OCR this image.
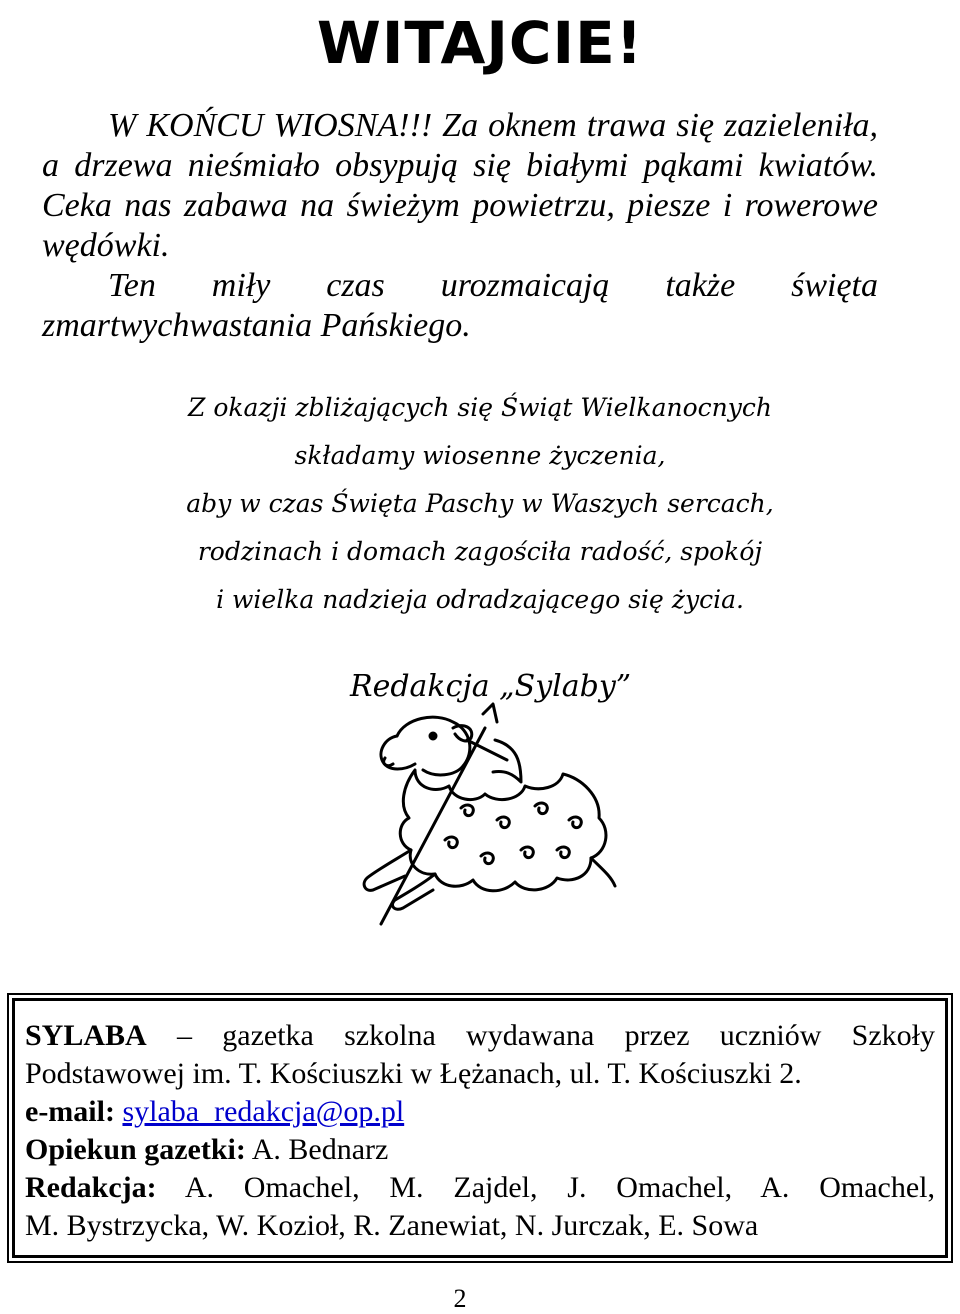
WITAJCIE!

W KOŃCU WIOSNA!!! Za oknem trawa się zazieleniła, a drzewa nieśmiało obsypują się białymi pąkami kwiatów. Ceka nas zabawa na świeżym powietrzu, piesze i rowerowe wędówki.

Ten miły czas urozmaicają także święta zmartwychwastania Pańskiego.

Z okazji zbliżających się Świąt Wielkanocnych
składamy wiosenne życzenia,
aby w czas Święta Paschy w Waszych sercach,
rodzinach i domach zagościła radość, spokój
i wielka nadzieja odradzającego się życia.
Redakcja „Sylaby”
SYLABA – gazetka szkolna wydawana przez uczniów Szkoły Podstawowej im. T. Kościuszki w Łężanach, ul. T. Kościuszki 2.
e-mail: sylaba_redakcja@op.pl
Opiekun gazetki: A. Bednarz
Redakcja: A. Omachel, M. Zajdel, J. Omachel, A. Omachel,
M. Bystrzycka, W. Kozioł, R. Zanewiat, N. Jurczak, E. Sowa
2
